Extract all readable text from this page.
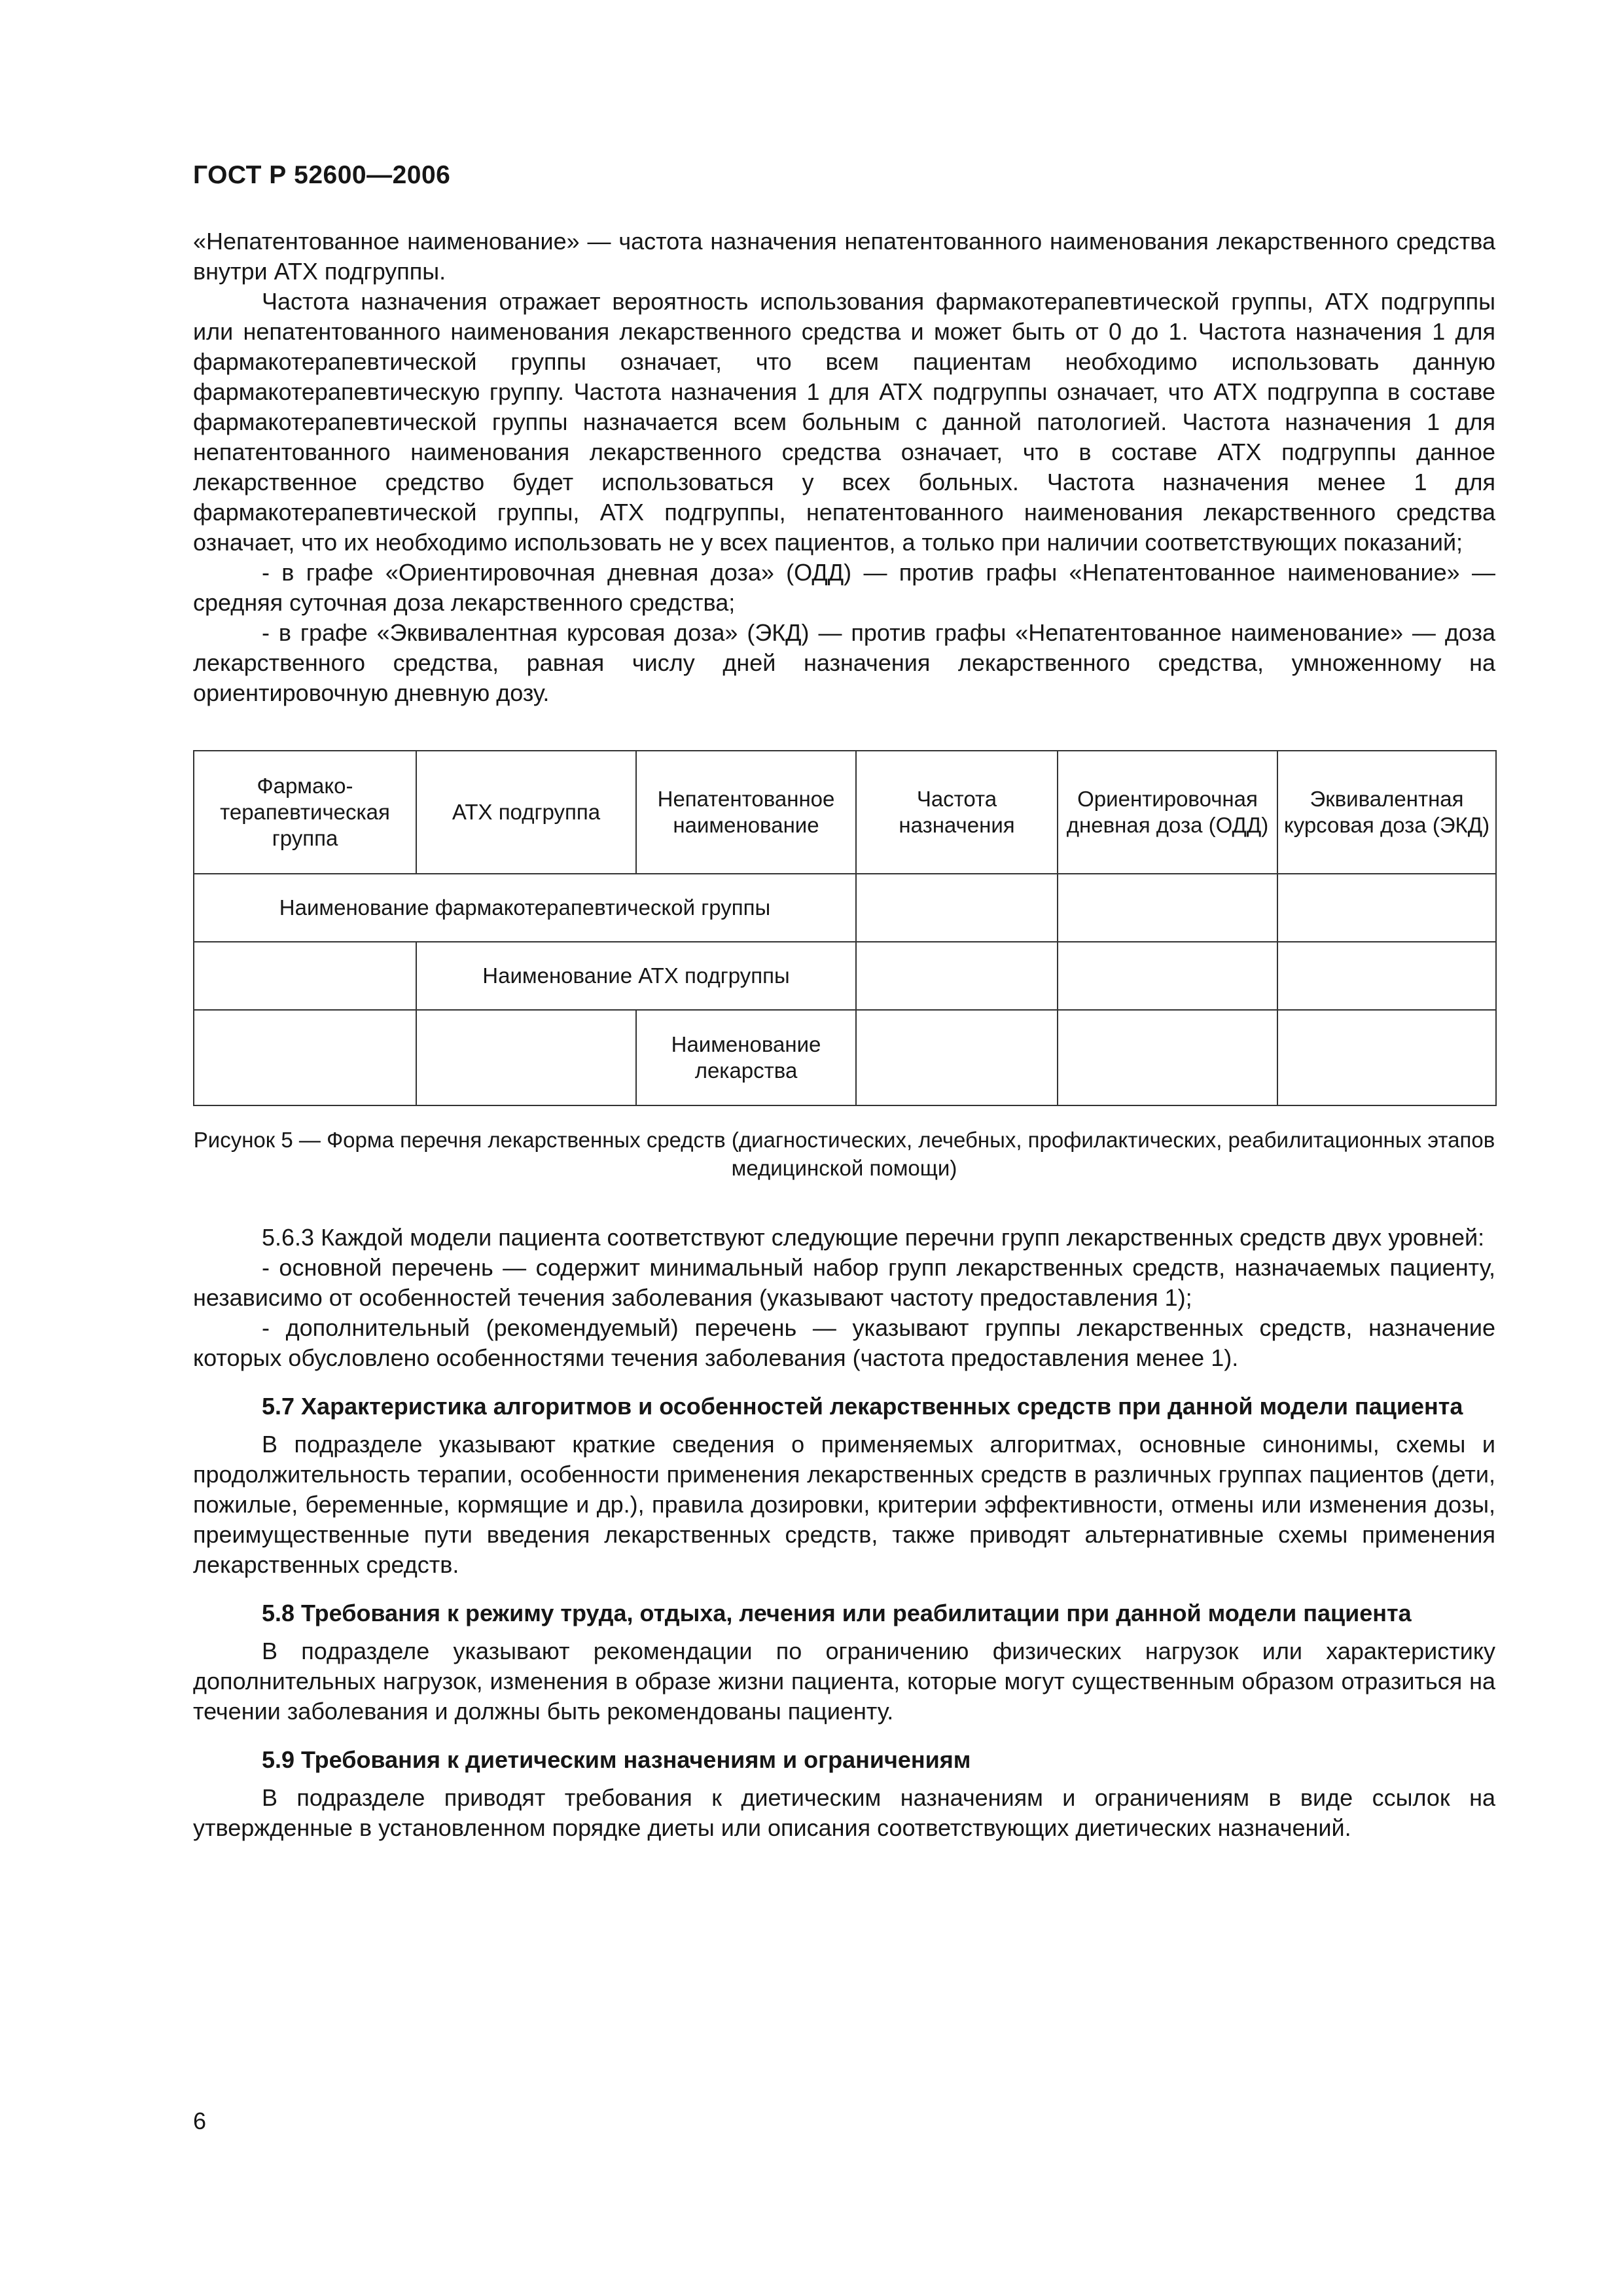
ГОСТ Р 52600—2006

«Непатентованное наименование» — частота назначения непатентованного наименования лекарственного средства внутри АТХ подгруппы.

Частота назначения отражает вероятность использования фармакотерапевтической группы, АТХ подгруппы или непатентованного наименования лекарственного средства и может быть от 0 до 1. Частота назначения 1 для фармакотерапевтической группы означает, что всем пациентам необходимо использовать данную фармакотерапевтическую группу. Частота назначения 1 для АТХ подгруппы означает, что АТХ подгруппа в составе фармакотерапевтической группы назначается всем больным с данной патологией. Частота назначения 1 для непатентованного наименования лекарственного средства означает, что в составе АТХ подгруппы данное лекарственное средство будет использоваться у всех больных. Частота назначения менее 1 для фармакотерапевтической группы, АТХ подгруппы, непатентованного наименования лекарственного средства означает, что их необходимо использовать не у всех пациентов, а только при наличии соответствующих показаний;

- в графе «Ориентировочная дневная доза» (ОДД) — против графы «Непатентованное наименование» — средняя суточная доза лекарственного средства;

- в графе «Эквивалентная курсовая доза» (ЭКД) — против графы «Непатентованное наименование» — доза лекарственного средства, равная числу дней назначения лекарственного средства, умноженному на ориентировочную дневную дозу.

Фармако-терапевтическая группа	АТХ подгруппа	Непатентованное наименование	Частота назначения	Ориентировочная дневная доза (ОДД)	Эквивалентная курсовая доза (ЭКД)
Наименование фармакотерапевтической группы					
	Наименование АТХ подгруппы				
		Наименование лекарства			
Рисунок 5 — Форма перечня лекарственных средств (диагностических, лечебных, профилактических, реабилитационных этапов медицинской помощи)

5.6.3 Каждой модели пациента соответствуют следующие перечни групп лекарственных средств двух уровней:

- основной перечень — содержит минимальный набор групп лекарственных средств, назначаемых пациенту, независимо от особенностей течения заболевания (указывают частоту предоставления 1);

- дополнительный (рекомендуемый) перечень — указывают группы лекарственных средств, назначение которых обусловлено особенностями течения заболевания (частота предоставления менее 1).

5.7 Характеристика алгоритмов и особенностей лекарственных средств при данной модели пациента

В подразделе указывают краткие сведения о применяемых алгоритмах, основные синонимы, схемы и продолжительность терапии, особенности применения лекарственных средств в различных группах пациентов (дети, пожилые, беременные, кормящие и др.), правила дозировки, критерии эффективности, отмены или изменения дозы, преимущественные пути введения лекарственных средств, также приводят альтернативные схемы применения лекарственных средств.

5.8 Требования к режиму труда, отдыха, лечения или реабилитации при данной модели пациента

В подразделе указывают рекомендации по ограничению физических нагрузок или характеристику дополнительных нагрузок, изменения в образе жизни пациента, которые могут существенным образом отразиться на течении заболевания и должны быть рекомендованы пациенту.

5.9 Требования к диетическим назначениям и ограничениям

В подразделе приводят требования к диетическим назначениям и ограничениям в виде ссылок на утвержденные в установленном порядке диеты или описания соответствующих диетических назначений.

6
